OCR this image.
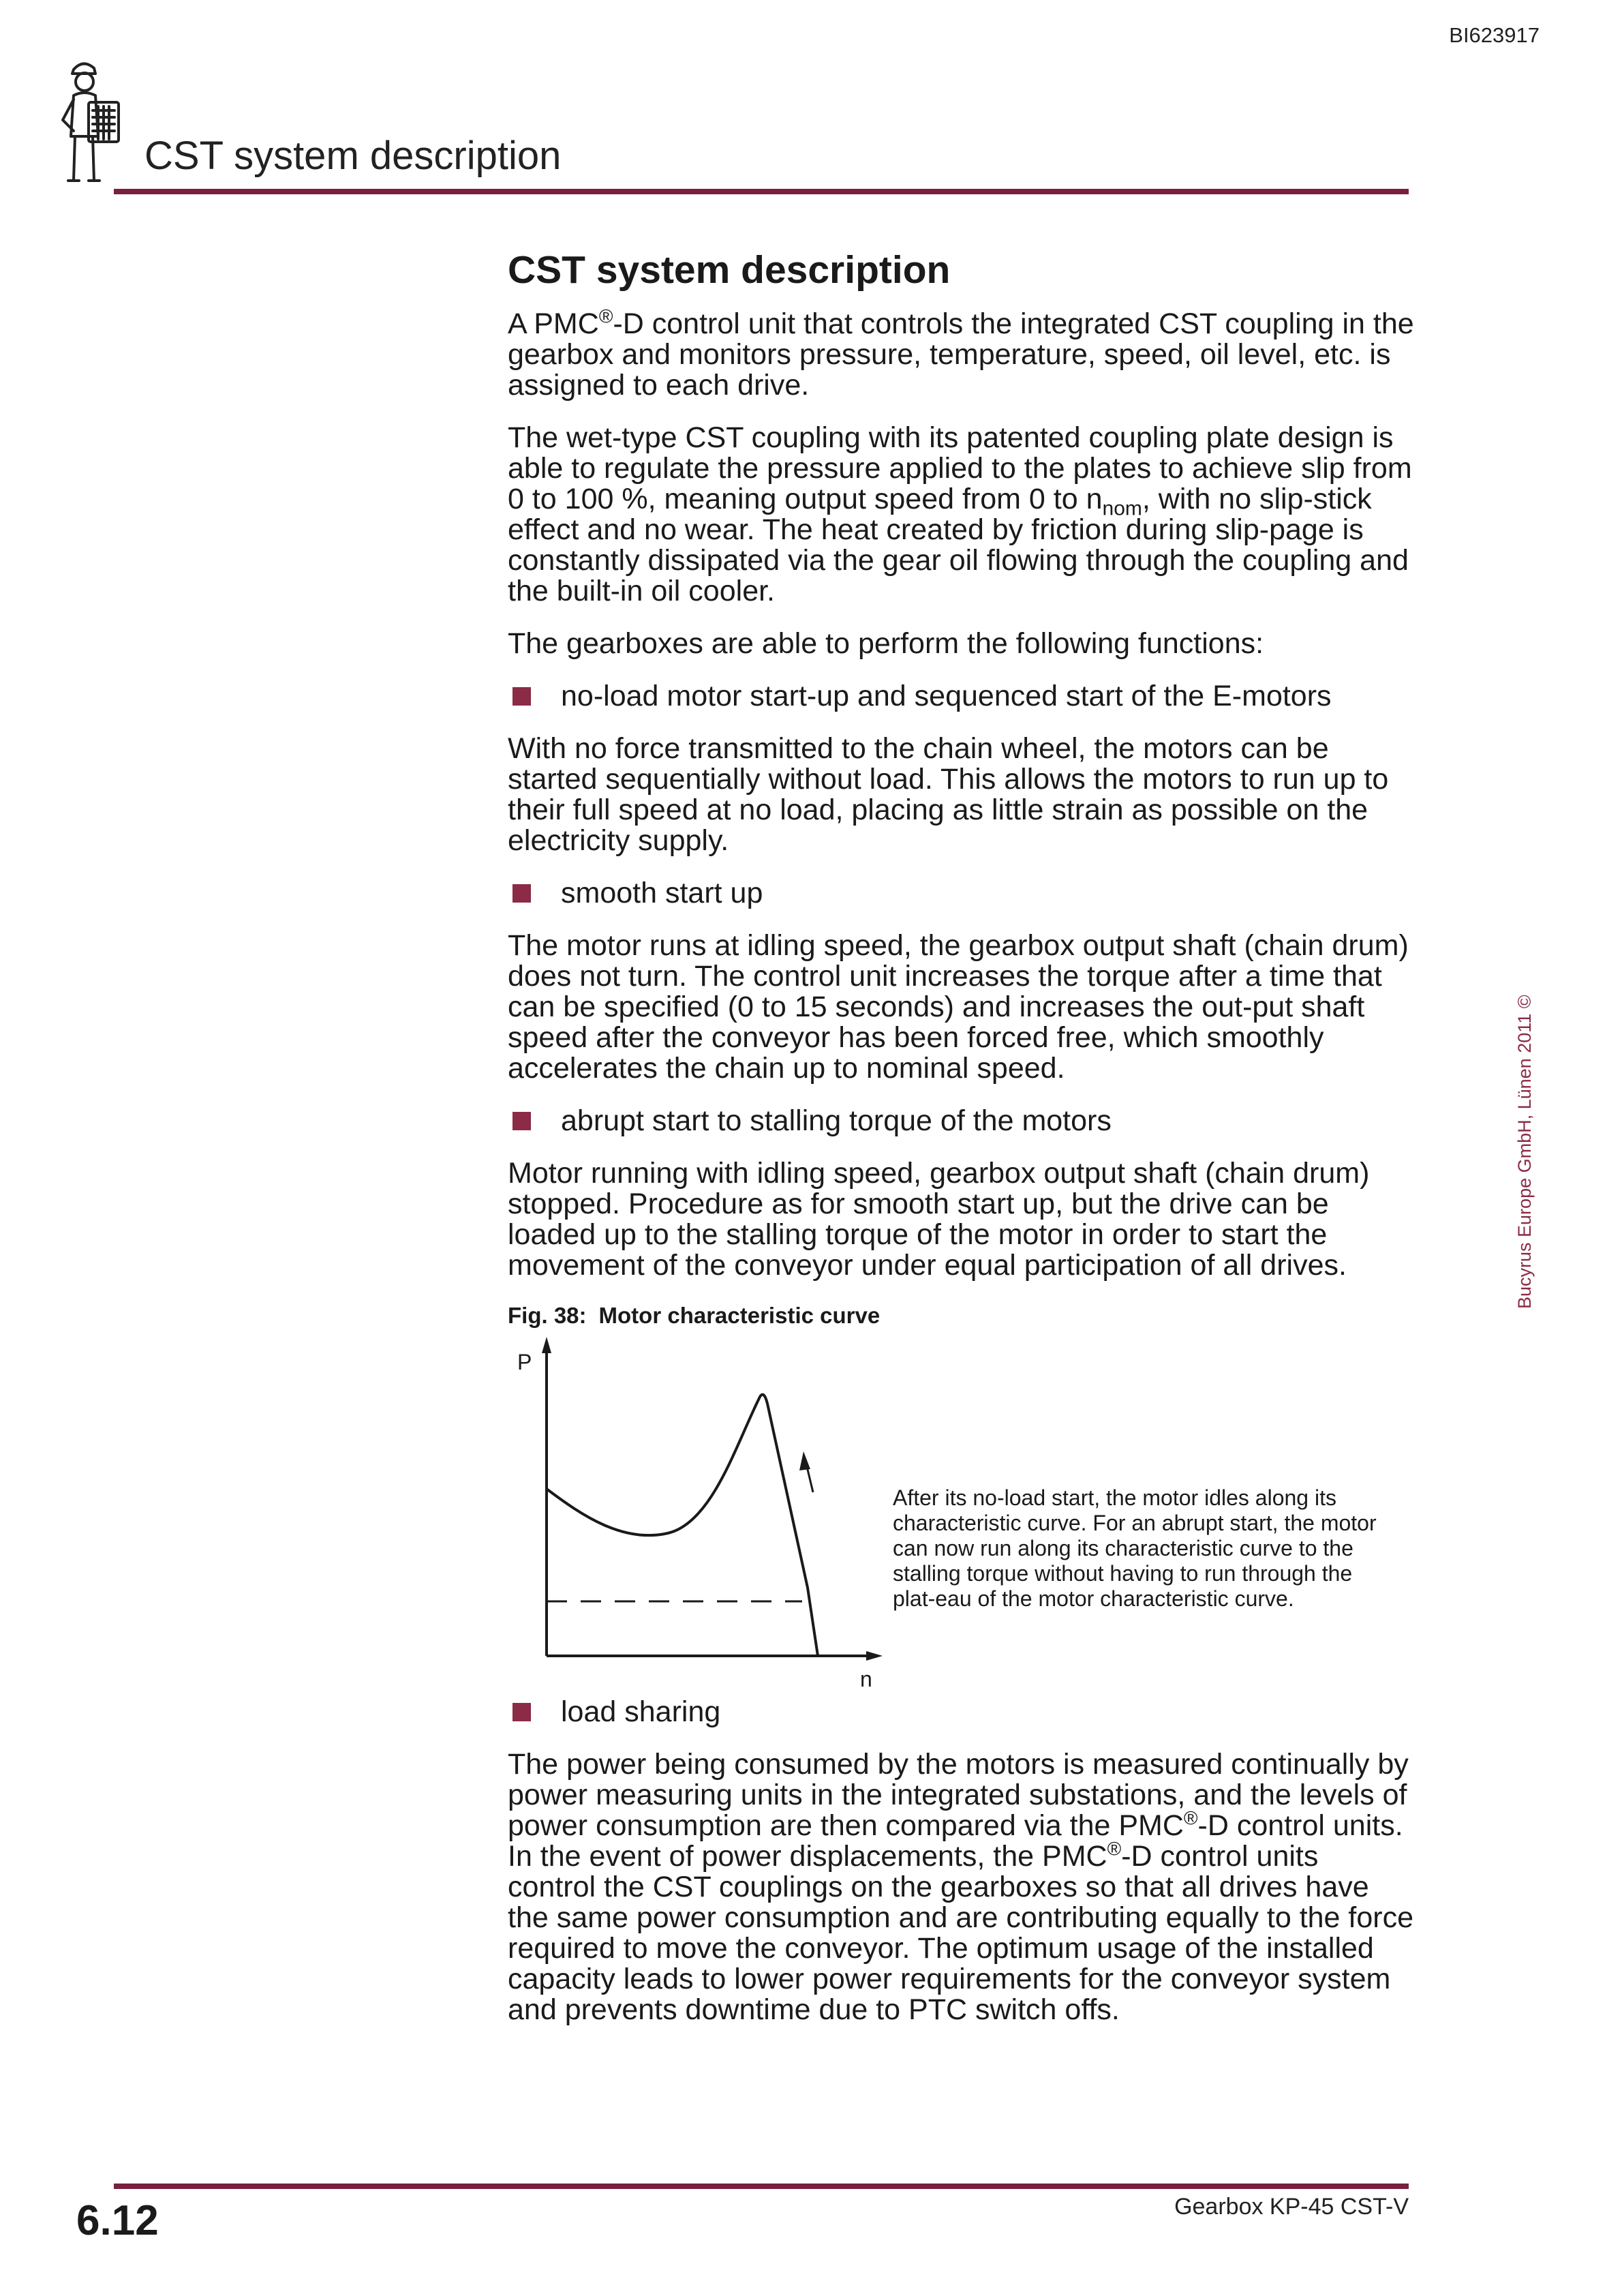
BI623917
CST system description
CST system description

A PMC®-D control unit that controls the integrated CST coupling in the gearbox and monitors pressure, temperature, speed, oil level, etc. is assigned to each drive.

The wet-type CST coupling with its patented coupling plate design is able to regulate the pressure applied to the plates to achieve slip from 0 to 100 %, meaning output speed from 0 to $n_{nom}$, with no slip-stick effect and no wear. The heat created by friction during slip-page is constantly dissipated via the gear oil flowing through the coupling and the built-in oil cooler.

The gearboxes are able to perform the following functions:

no-load motor start-up and sequenced start of the E-motors

With no force transmitted to the chain wheel, the motors can be started sequentially without load. This allows the motors to run up to their full speed at no load, placing as little strain as possible on the electricity supply.

smooth start up

The motor runs at idling speed, the gearbox output shaft (chain drum) does not turn. The control unit increases the torque after a time that can be specified (0 to 15 seconds) and increases the out-put shaft speed after the conveyor has been forced free, which smoothly accelerates the chain up to nominal speed.

abrupt start to stalling torque of the motors

Motor running with idling speed, gearbox output shaft (chain drum) stopped. Procedure as for smooth start up, but the drive can be loaded up to the stalling torque of the motor in order to start the movement of the conveyor under equal participation of all drives.

Fig. 38: Motor characteristic curve
P
n
After its no-load start, the motor idles along its characteristic curve. For an abrupt start, the motor can now run along its characteristic curve to the stalling torque without having to run through the plat-eau of the motor characteristic curve.
load sharing

The power being consumed by the motors is measured continually by power measuring units in the integrated substations, and the levels of power consumption are then compared via the PMC®-D control units. In the event of power displacements, the PMC®-D control units control the CST couplings on the gearboxes so that all drives have the same power consumption and are contributing equally to the force required to move the conveyor. The optimum usage of the installed capacity leads to lower power requirements for the conveyor system and prevents downtime due to PTC switch offs.

Bucyrus Europe GmbH, Lünen 2011 ©
6.12	Gearbox KP-45 CST-V
